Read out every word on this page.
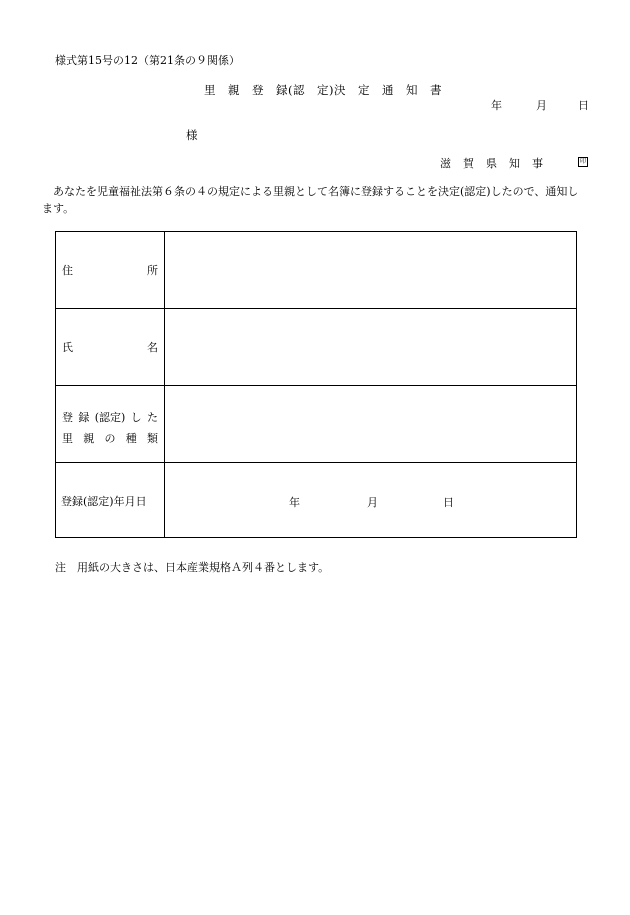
様式第15号の12（第21条の９関係）
里　親　登　録(認　定)決　定　通　知　書
年	月	日
様
滋　賀　県　知　事	印
あなたを児童福祉法第６条の４の規定による里親として名簿に登録することを決定(認定)したので、通知します。
住	所
氏	名
登 録 (認定) し た
里 親 の 種 類
登録(認定)年月日	年	月	日
注　用紙の大きさは、日本産業規格Ａ列４番とします。
